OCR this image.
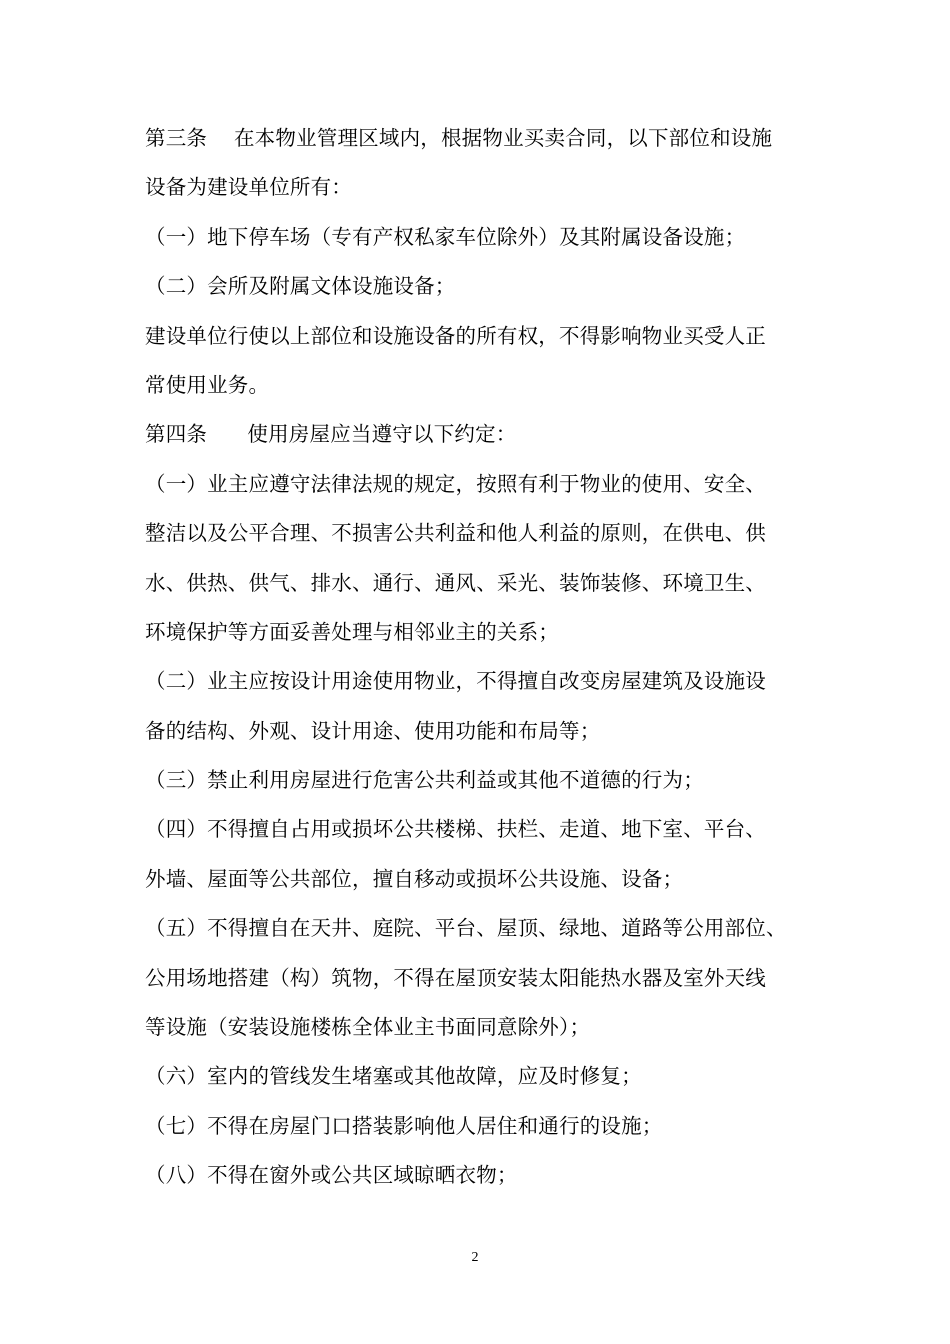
第三条    在本物业管理区域内，根据物业买卖合同，以下部位和设施

设备为建设单位所有：

（一）地下停车场（专有产权私家车位除外）及其附属设备设施；

（二）会所及附属文体设施设备；

建设单位行使以上部位和设施设备的所有权，不得影响物业买受人正

常使用业务。

第四条      使用房屋应当遵守以下约定：

（一）业主应遵守法律法规的规定，按照有利于物业的使用、安全、

整洁以及公平合理、不损害公共利益和他人利益的原则，在供电、供

水、供热、供气、排水、通行、通风、采光、装饰装修、环境卫生、

环境保护等方面妥善处理与相邻业主的关系；

（二）业主应按设计用途使用物业，不得擅自改变房屋建筑及设施设

备的结构、外观、设计用途、使用功能和布局等；

（三）禁止利用房屋进行危害公共利益或其他不道德的行为；

（四）不得擅自占用或损坏公共楼梯、扶栏、走道、地下室、平台、

外墙、屋面等公共部位，擅自移动或损坏公共设施、设备；

（五）不得擅自在天井、庭院、平台、屋顶、绿地、道路等公用部位、

公用场地搭建（构）筑物，不得在屋顶安装太阳能热水器及室外天线

等设施（安装设施楼栋全体业主书面同意除外）；

（六）室内的管线发生堵塞或其他故障，应及时修复；

（七）不得在房屋门口搭装影响他人居住和通行的设施；

（八）不得在窗外或公共区域晾晒衣物；

2
